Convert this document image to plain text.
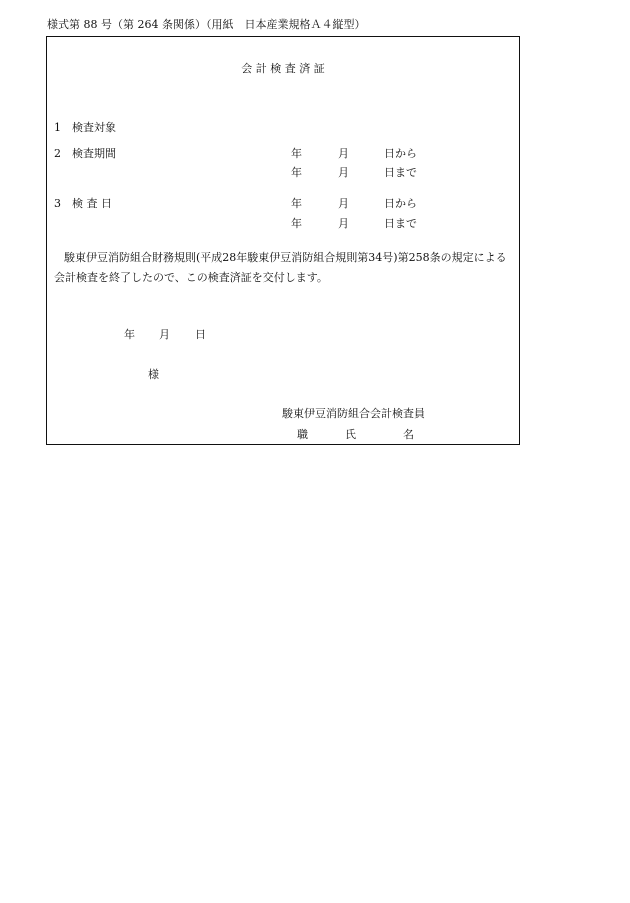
様式第 88 号（第 264 条関係）（用紙　日本産業規格Ａ４縦型）
会 計 検 査 済 証
1 検査対象
2 検査期間	年	月	日から
年	月	日まで
3 検 査 日	年	月	日から
年	月	日まで
駿東伊豆消防組合財務規則(平成28年駿東伊豆消防組合規則第34号)第258条の規定による会計検査を終了したので、この検査済証を交付します。
年 月 日
様
駿東伊豆消防組合会計検査員
職	氏	名
